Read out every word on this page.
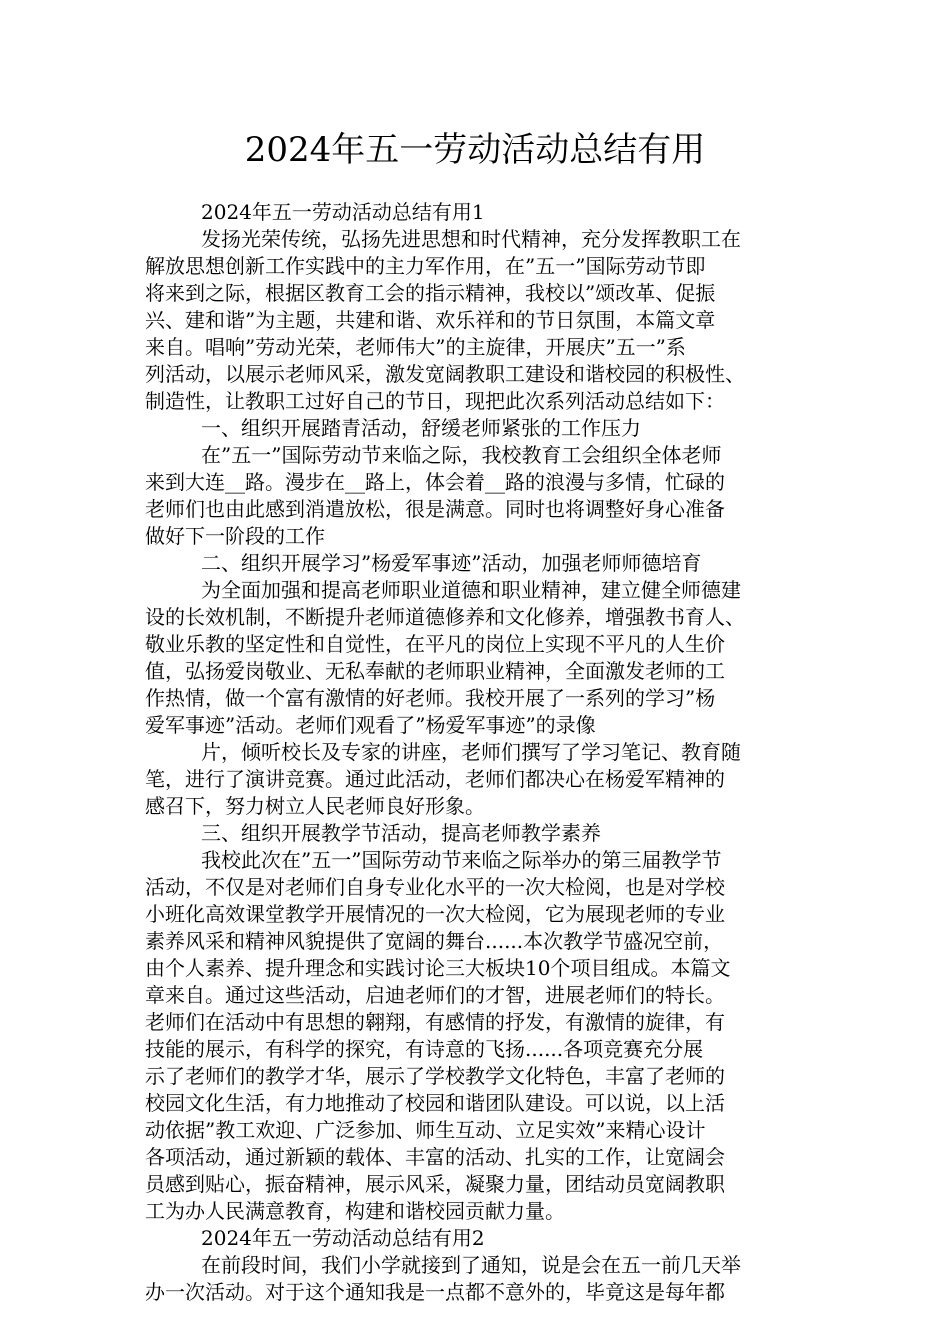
2024年五一劳动活动总结有用
2024年五一劳动活动总结有用1
发扬光荣传统，弘扬先进思想和时代精神，充分发挥教职工在
解放思想创新工作实践中的主力军作用，在”五一”国际劳动节即
将来到之际，根据区教育工会的指示精神，我校以”颂改革、促振
兴、建和谐”为主题，共建和谐、欢乐祥和的节日氛围，本篇文章
来自。唱响”劳动光荣，老师伟大”的主旋律，开展庆”五一”系
列活动，以展示老师风采，激发宽阔教职工建设和谐校园的积极性、
制造性，让教职工过好自己的节日，现把此次系列活动总结如下：
一、组织开展踏青活动，舒缓老师紧张的工作压力
在”五一”国际劳动节来临之际，我校教育工会组织全体老师
来到大连__路。漫步在__路上，体会着__路的浪漫与多情，忙碌的
老师们也由此感到消遣放松，很是满意。同时也将调整好身心准备
做好下一阶段的工作
二、组织开展学习”杨爱军事迹”活动，加强老师师德培育
为全面加强和提高老师职业道德和职业精神，建立健全师德建
设的长效机制，不断提升老师道德修养和文化修养，增强教书育人、
敬业乐教的坚定性和自觉性，在平凡的岗位上实现不平凡的人生价
值，弘扬爱岗敬业、无私奉献的老师职业精神，全面激发老师的工
作热情，做一个富有激情的好老师。我校开展了一系列的学习”杨
爱军事迹”活动。老师们观看了”杨爱军事迹”的录像
片，倾听校长及专家的讲座，老师们撰写了学习笔记、教育随
笔，进行了演讲竞赛。通过此活动，老师们都决心在杨爱军精神的
感召下，努力树立人民老师良好形象。
三、组织开展教学节活动，提高老师教学素养
我校此次在”五一”国际劳动节来临之际举办的第三届教学节
活动，不仅是对老师们自身专业化水平的一次大检阅，也是对学校
小班化高效课堂教学开展情况的一次大检阅，它为展现老师的专业
素养风采和精神风貌提供了宽阔的舞台......本次教学节盛况空前，
由个人素养、提升理念和实践讨论三大板块10个项目组成。本篇文
章来自。通过这些活动，启迪老师们的才智，进展老师们的特长。
老师们在活动中有思想的翱翔，有感情的抒发，有激情的旋律，有
技能的展示，有科学的探究，有诗意的飞扬......各项竞赛充分展
示了老师们的教学才华，展示了学校教学文化特色，丰富了老师的
校园文化生活，有力地推动了校园和谐团队建设。可以说，以上活
动依据”教工欢迎、广泛参加、师生互动、立足实效”来精心设计
各项活动，通过新颖的载体、丰富的活动、扎实的工作，让宽阔会
员感到贴心，振奋精神，展示风采，凝聚力量，团结动员宽阔教职
工为办人民满意教育，构建和谐校园贡献力量。
2024年五一劳动活动总结有用2
在前段时间，我们小学就接到了通知，说是会在五一前几天举
办一次活动。对于这个通知我是一点都不意外的，毕竟这是每年都
